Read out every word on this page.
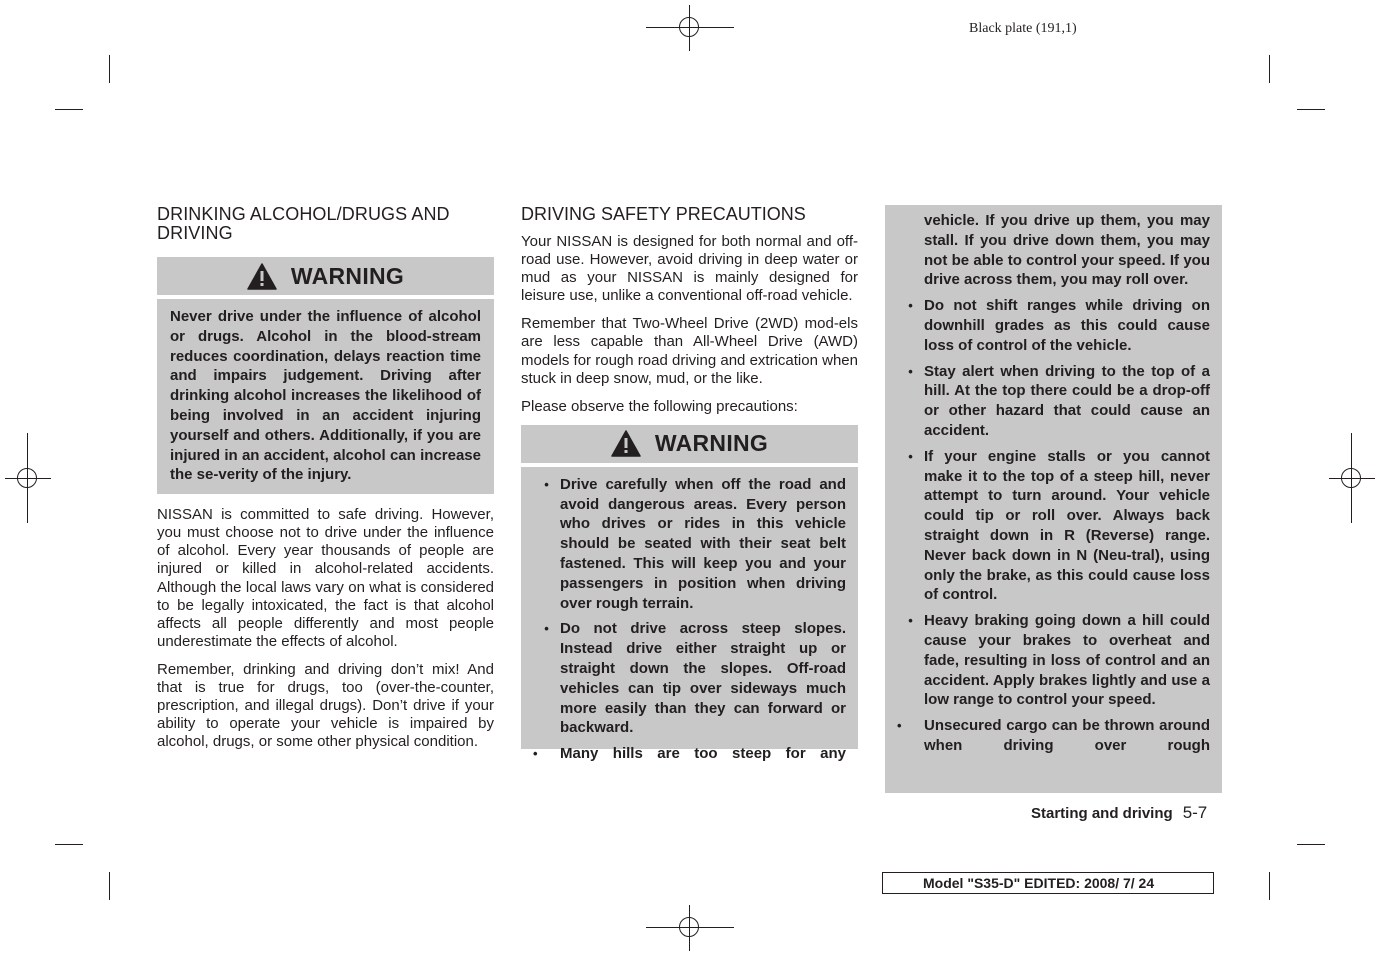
Black plate (191,1)
DRINKING ALCOHOL/DRUGS AND DRIVING
WARNING

Never drive under the influence of alcohol or drugs. Alcohol in the blood-stream reduces coordination, delays reaction time and impairs judgement. Driving after drinking alcohol increases the likelihood of being involved in an accident injuring yourself and others. Additionally, if you are injured in an accident, alcohol can increase the se-verity of the injury.

NISSAN is committed to safe driving. However, you must choose not to drive under the influence of alcohol. Every year thousands of people are injured or killed in alcohol-related accidents. Although the local laws vary on what is considered to be legally intoxicated, the fact is that alcohol affects all people differently and most people underestimate the effects of alcohol.

Remember, drinking and driving don’t mix! And that is true for drugs, too (over-the-counter, prescription, and illegal drugs). Don’t drive if your ability to operate your vehicle is impaired by alcohol, drugs, or some other physical condition.

DRIVING SAFETY PRECAUTIONS

Your NISSAN is designed for both normal and off-road use. However, avoid driving in deep water or mud as your NISSAN is mainly designed for leisure use, unlike a conventional off-road vehicle.

Remember that Two-Wheel Drive (2WD) mod-els are less capable than All-Wheel Drive (AWD) models for rough road driving and extrication when stuck in deep snow, mud, or the like.

Please observe the following precautions:

WARNING
• Drive carefully when off the road and avoid dangerous areas. Every person who drives or rides in this vehicle should be seated with their seat belt fastened. This will keep you and your passengers in position when driving over rough terrain.
• Do not drive across steep slopes. Instead drive either straight up or straight down the slopes. Off-road vehicles can tip over sideways much more easily than they can forward or backward.
•	Many hills are too steep for any
vehicle. If you drive up them, you may stall. If you drive down them, you may not be able to control your speed. If you drive across them, you may roll over.
• Do not shift ranges while driving on downhill grades as this could cause loss of control of the vehicle.
• Stay alert when driving to the top of a hill. At the top there could be a drop-off or other hazard that could cause an accident.
• If your engine stalls or you cannot make it to the top of a steep hill, never attempt to turn around. Your vehicle could tip or roll over. Always back straight down in R (Reverse) range. Never back down in N (Neu-tral), using only the brake, as this could cause loss of control.
• Heavy braking going down a hill could cause your brakes to overheat and fade, resulting in loss of control and an accident. Apply brakes lightly and use a low range to control your speed.
•	Unsecured cargo can be thrown around when driving over rough
Starting and driving 5-7
Model "S35-D" EDITED: 2008/ 7/ 24
